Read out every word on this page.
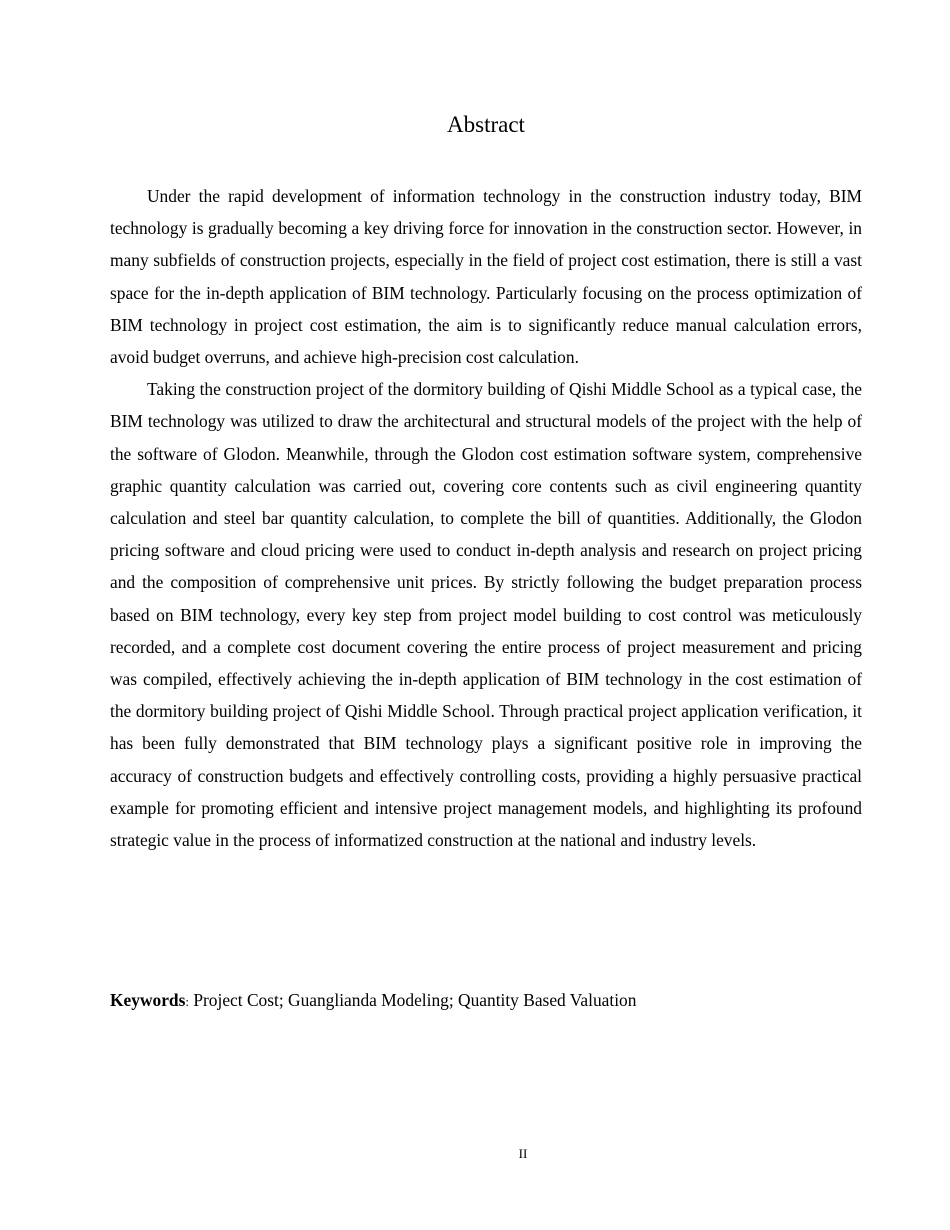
Abstract

Under the rapid development of information technology in the construction industry today, BIM technology is gradually becoming a key driving force for innovation in the construction sector. However, in many subfields of construction projects, especially in the field of project cost estimation, there is still a vast space for the in-depth application of BIM technology. Particularly focusing on the process optimization of BIM technology in project cost estimation, the aim is to significantly reduce manual calculation errors, avoid budget overruns, and achieve high-precision cost calculation.

Taking the construction project of the dormitory building of Qishi Middle School as a typical case, the BIM technology was utilized to draw the architectural and structural models of the project with the help of the software of Glodon. Meanwhile, through the Glodon cost estimation software system, comprehensive graphic quantity calculation was carried out, covering core contents such as civil engineering quantity calculation and steel bar quantity calculation, to complete the bill of quantities. Additionally, the Glodon pricing software and cloud pricing were used to conduct in-depth analysis and research on project pricing and the composition of comprehensive unit prices. By strictly following the budget preparation process based on BIM technology, every key step from project model building to cost control was meticulously recorded, and a complete cost document covering the entire process of project measurement and pricing was compiled, effectively achieving the in-depth application of BIM technology in the cost estimation of the dormitory building project of Qishi Middle School. Through practical project application verification, it has been fully demonstrated that BIM technology plays a significant positive role in improving the accuracy of construction budgets and effectively controlling costs, providing a highly persuasive practical example for promoting efficient and intensive project management models, and highlighting its profound strategic value in the process of informatized construction at the national and industry levels.

Keywords: Project Cost; Guanglianda Modeling; Quantity Based Valuation
II
